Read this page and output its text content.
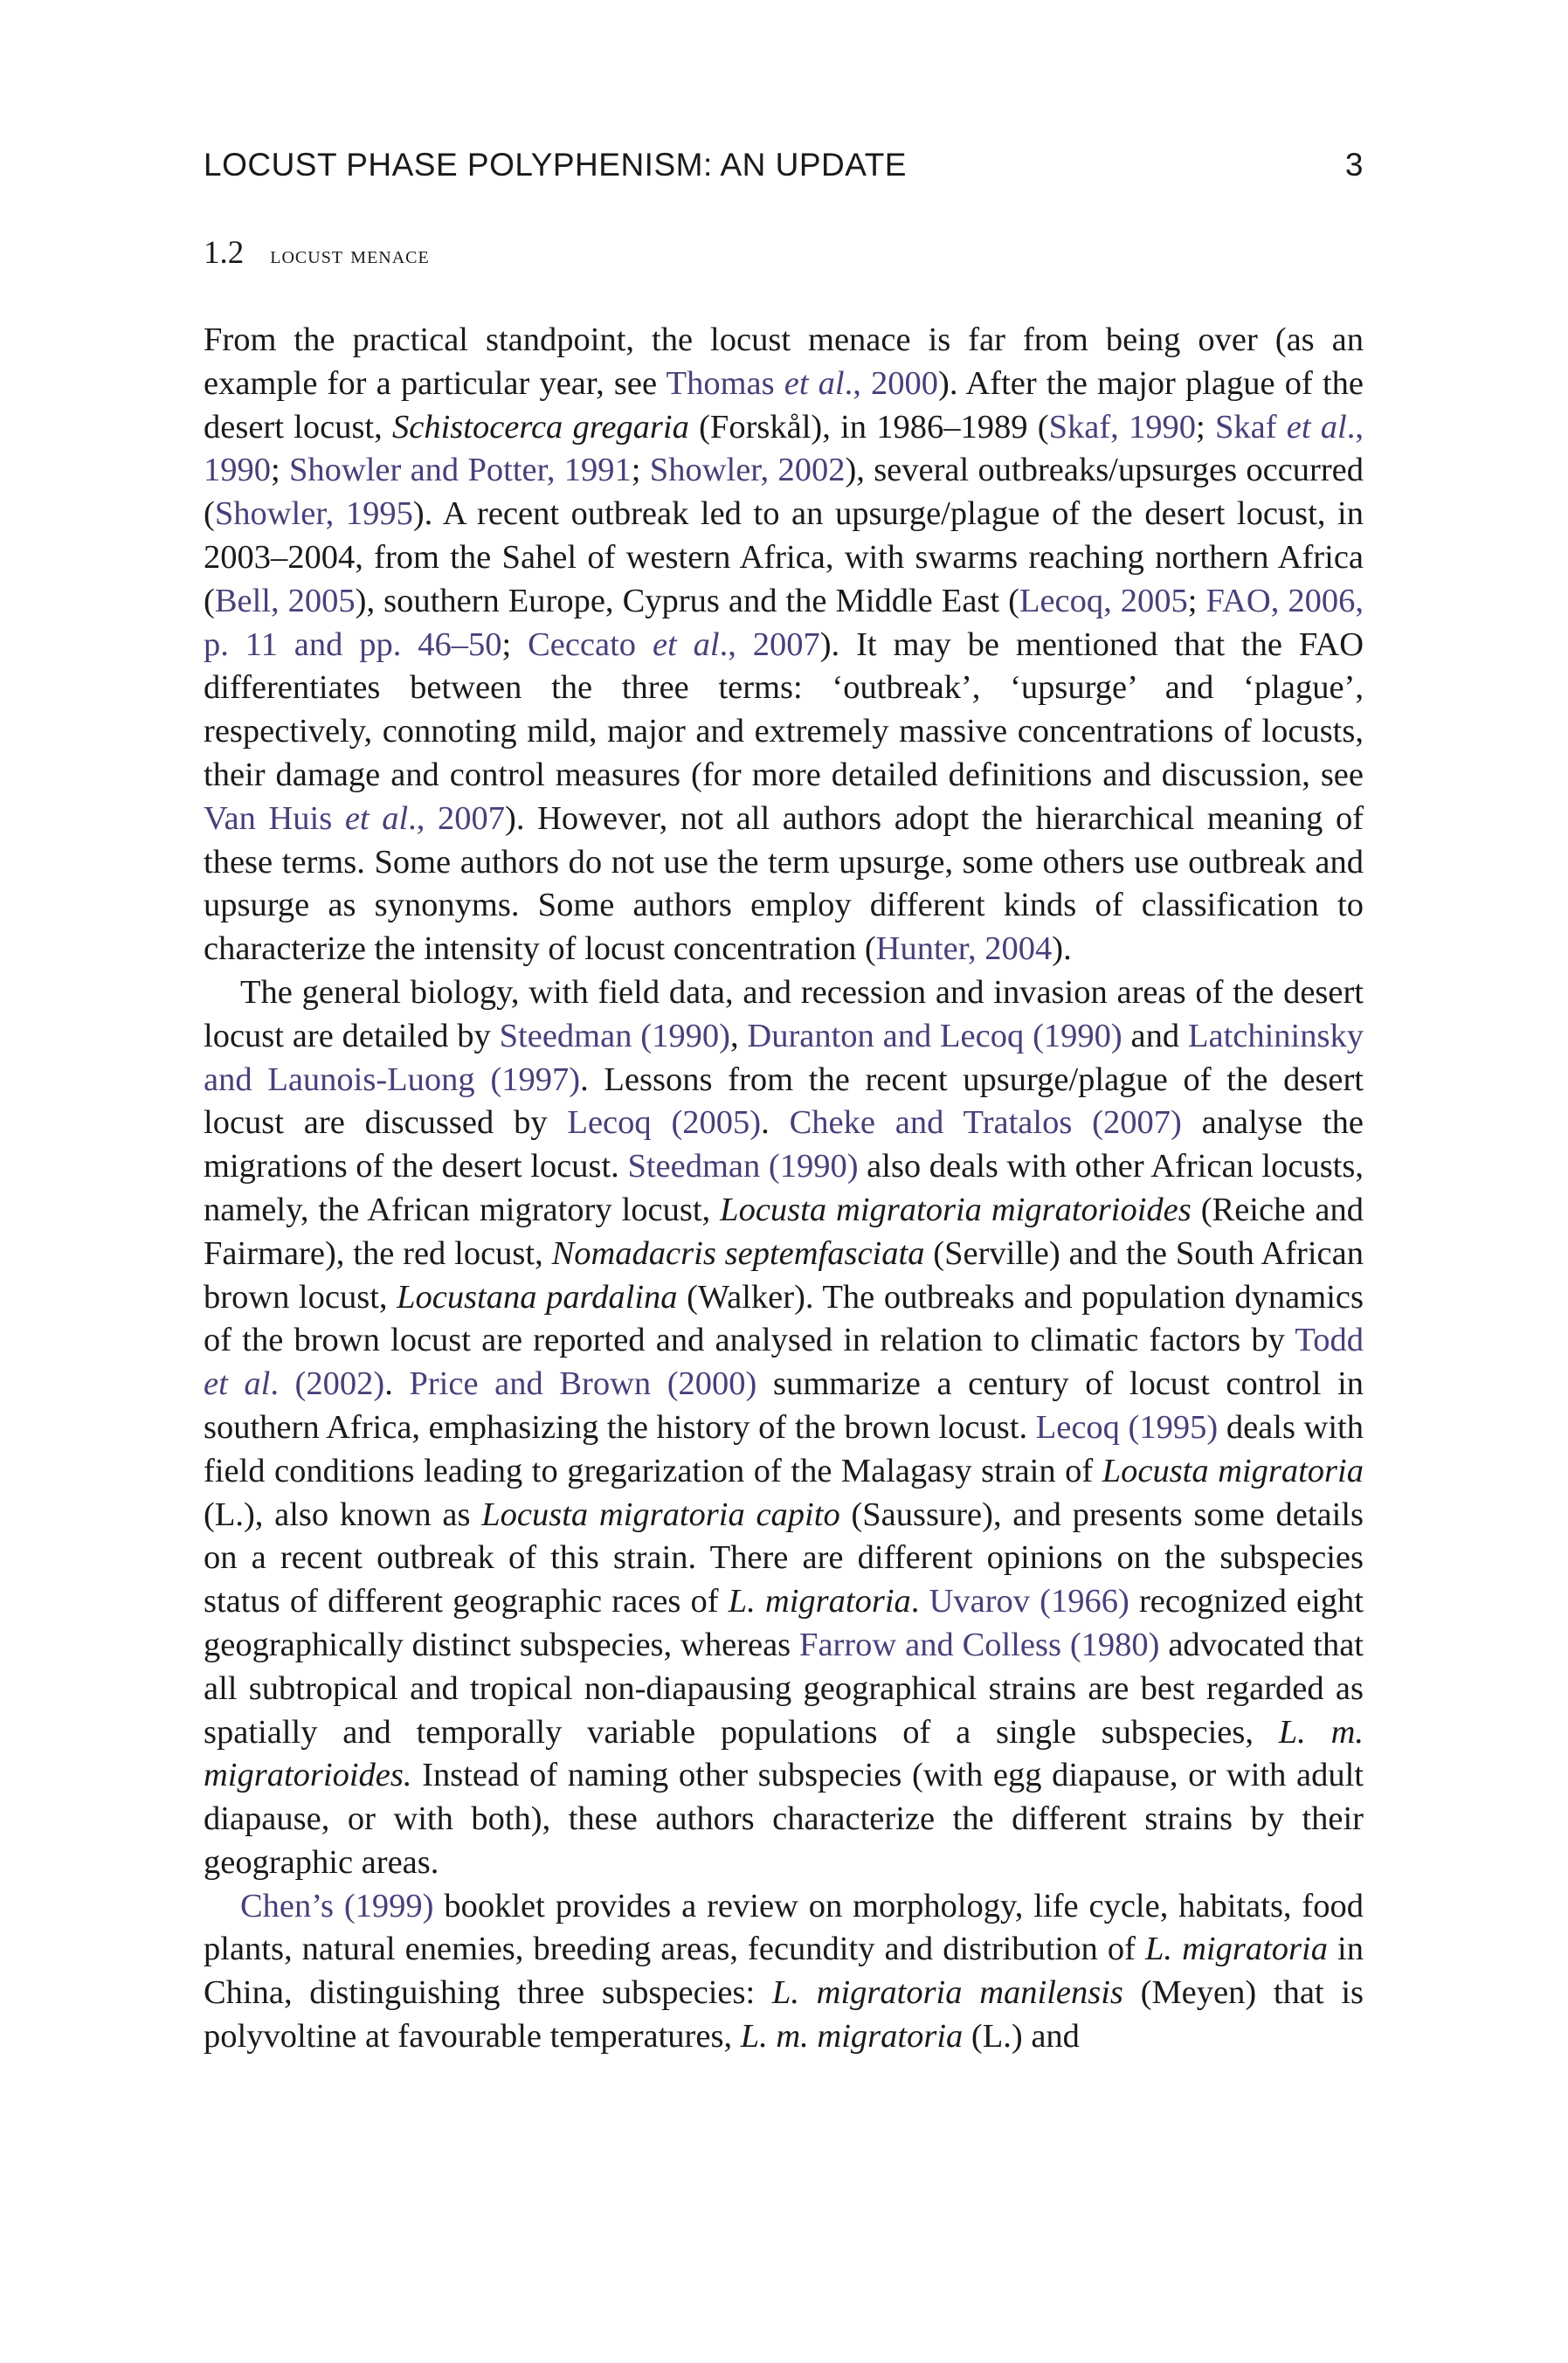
LOCUST PHASE POLYPHENISM: AN UPDATE	3
1.2 locust menace

From the practical standpoint, the locust menace is far from being over (as an example for a particular year, see Thomas et al., 2000). After the major plague of the desert locust, Schistocerca gregaria (Forskål), in 1986–1989 (Skaf, 1990; Skaf et al., 1990; Showler and Potter, 1991; Showler, 2002), several outbreaks/upsurges occurred (Showler, 1995). A recent outbreak led to an upsurge/plague of the desert locust, in 2003–2004, from the Sahel of western Africa, with swarms reaching northern Africa (Bell, 2005), southern Europe, Cyprus and the Middle East (Lecoq, 2005; FAO, 2006, p. 11 and pp. 46–50; Ceccato et al., 2007). It may be mentioned that the FAO differentiates between the three terms: ‘outbreak’, ‘upsurge’ and ‘plague’, respectively, connoting mild, major and extremely massive concentrations of locusts, their damage and control measures (for more detailed definitions and discussion, see Van Huis et al., 2007). However, not all authors adopt the hierarchical meaning of these terms. Some authors do not use the term upsurge, some others use outbreak and upsurge as synonyms. Some authors employ different kinds of classification to characterize the intensity of locust concentration (Hunter, 2004).

The general biology, with field data, and recession and invasion areas of the desert locust are detailed by Steedman (1990), Duranton and Lecoq (1990) and Latchininsky and Launois-Luong (1997). Lessons from the recent upsurge/plague of the desert locust are discussed by Lecoq (2005). Cheke and Tratalos (2007) analyse the migrations of the desert locust. Steedman (1990) also deals with other African locusts, namely, the African migratory locust, Locusta migratoria migratorioides (Reiche and Fairmare), the red locust, Nomadacris septemfasciata (Serville) and the South African brown locust, Locustana pardalina (Walker). The outbreaks and population dynamics of the brown locust are reported and analysed in relation to climatic factors by Todd et al. (2002). Price and Brown (2000) summarize a century of locust control in southern Africa, emphasizing the history of the brown locust. Lecoq (1995) deals with field conditions leading to gregarization of the Malagasy strain of Locusta migratoria (L.), also known as Locusta migratoria capito (Saussure), and presents some details on a recent outbreak of this strain. There are different opinions on the subspecies status of different geographic races of L. migratoria. Uvarov (1966) recognized eight geographically distinct subspecies, whereas Farrow and Colless (1980) advocated that all subtropical and tropical non-diapausing geographical strains are best regarded as spatially and temporally variable populations of a single subspecies, L. m. migratorioides. Instead of naming other subspecies (with egg diapause, or with adult diapause, or with both), these authors characterize the different strains by their geographic areas.

Chen’s (1999) booklet provides a review on morphology, life cycle, habitats, food plants, natural enemies, breeding areas, fecundity and distribution of L. migratoria in China, distinguishing three subspecies: L. migratoria manilensis (Meyen) that is polyvoltine at favourable temperatures, L. m. migratoria (L.) and
